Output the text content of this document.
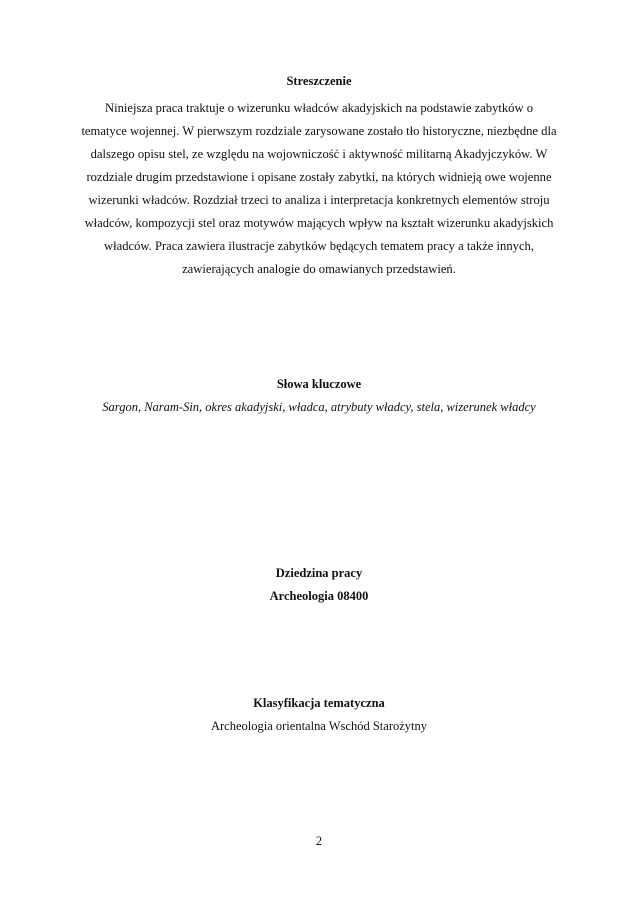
Streszczenie

Niniejsza praca traktuje o wizerunku władców akadyjskich na podstawie zabytków o
tematyce wojennej. W pierwszym rozdziale zarysowane zostało tło historyczne, niezbędne dla
dalszego opisu stel, ze względu na wojowniczość i aktywność militarną Akadyjczyków. W
rozdziale drugim przedstawione i opisane zostały zabytki, na których widnieją owe wojenne
wizerunki władców. Rozdział trzeci to analiza i interpretacja konkretnych elementów stroju
władców, kompozycji stel oraz motywów mających wpływ na kształt wizerunku akadyjskich
władców. Praca zawiera ilustracje zabytków będących tematem pracy a także innych,
zawierających analogie do omawianych przedstawień.

Słowa kluczowe

Sargon, Naram-Sin, okres akadyjski, władca, atrybuty władcy, stela, wizerunek władcy

Dziedzina pracy

Archeologia 08400

Klasyfikacja tematyczna

Archeologia orientalna Wschód Starożytny

2
